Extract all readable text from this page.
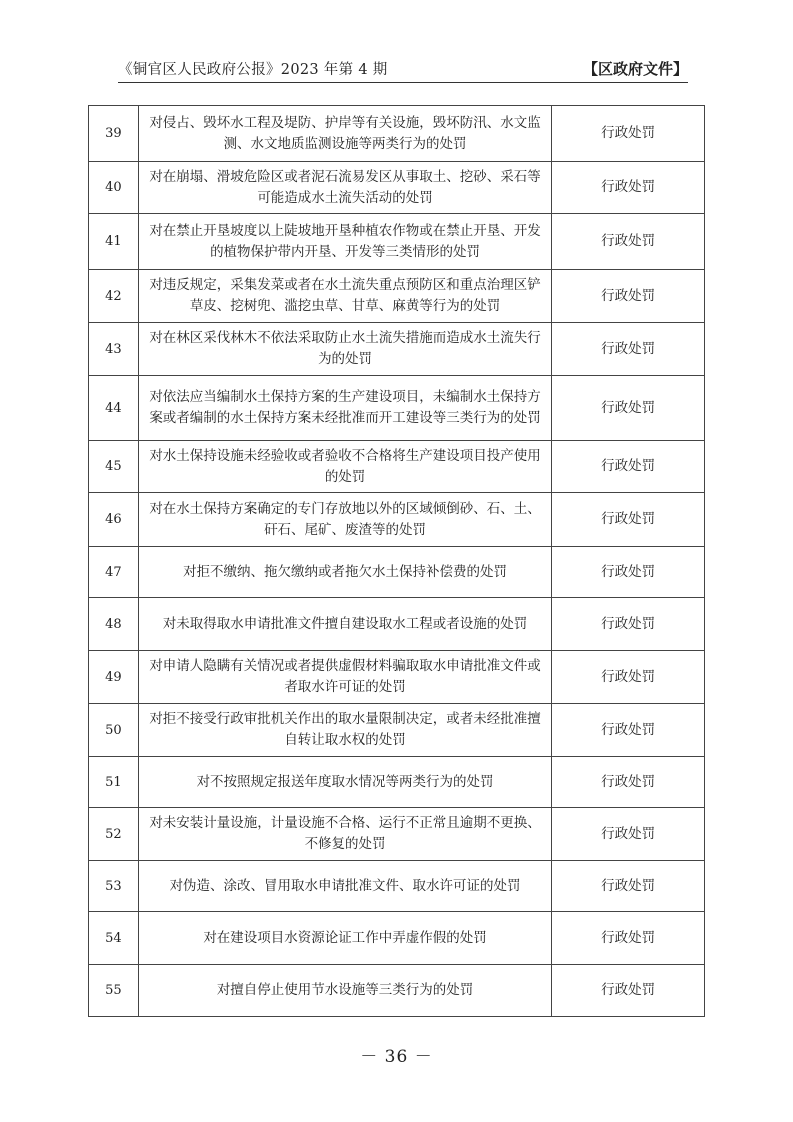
《铜官区人民政府公报》2023 年第 4 期	【区政府文件】
39	对侵占、毁坏水工程及堤防、护岸等有关设施，毁坏防汛、水文监测、水文地质监测设施等两类行为的处罚	行政处罚
40	对在崩塌、滑坡危险区或者泥石流易发区从事取土、挖砂、采石等可能造成水土流失活动的处罚	行政处罚
41	对在禁止开垦坡度以上陡坡地开垦种植农作物或在禁止开垦、开发的植物保护带内开垦、开发等三类情形的处罚	行政处罚
42	对违反规定，采集发菜或者在水土流失重点预防区和重点治理区铲草皮、挖树兜、滥挖虫草、甘草、麻黄等行为的处罚	行政处罚
43	对在林区采伐林木不依法采取防止水土流失措施而造成水土流失行为的处罚	行政处罚
44	对依法应当编制水土保持方案的生产建设项目，未编制水土保持方案或者编制的水土保持方案未经批准而开工建设等三类行为的处罚	行政处罚
45	对水土保持设施未经验收或者验收不合格将生产建设项目投产使用的处罚	行政处罚
46	对在水土保持方案确定的专门存放地以外的区域倾倒砂、石、土、矸石、尾矿、废渣等的处罚	行政处罚
47	对拒不缴纳、拖欠缴纳或者拖欠水土保持补偿费的处罚	行政处罚
48	对未取得取水申请批准文件擅自建设取水工程或者设施的处罚	行政处罚
49	对申请人隐瞒有关情况或者提供虚假材料骗取取水申请批准文件或者取水许可证的处罚	行政处罚
50	对拒不接受行政审批机关作出的取水量限制决定，或者未经批准擅自转让取水权的处罚	行政处罚
51	对不按照规定报送年度取水情况等两类行为的处罚	行政处罚
52	对未安装计量设施，计量设施不合格、运行不正常且逾期不更换、不修复的处罚	行政处罚
53	对伪造、涂改、冒用取水申请批准文件、取水许可证的处罚	行政处罚
54	对在建设项目水资源论证工作中弄虚作假的处罚	行政处罚
55	对擅自停止使用节水设施等三类行为的处罚	行政处罚
－ 36 －
